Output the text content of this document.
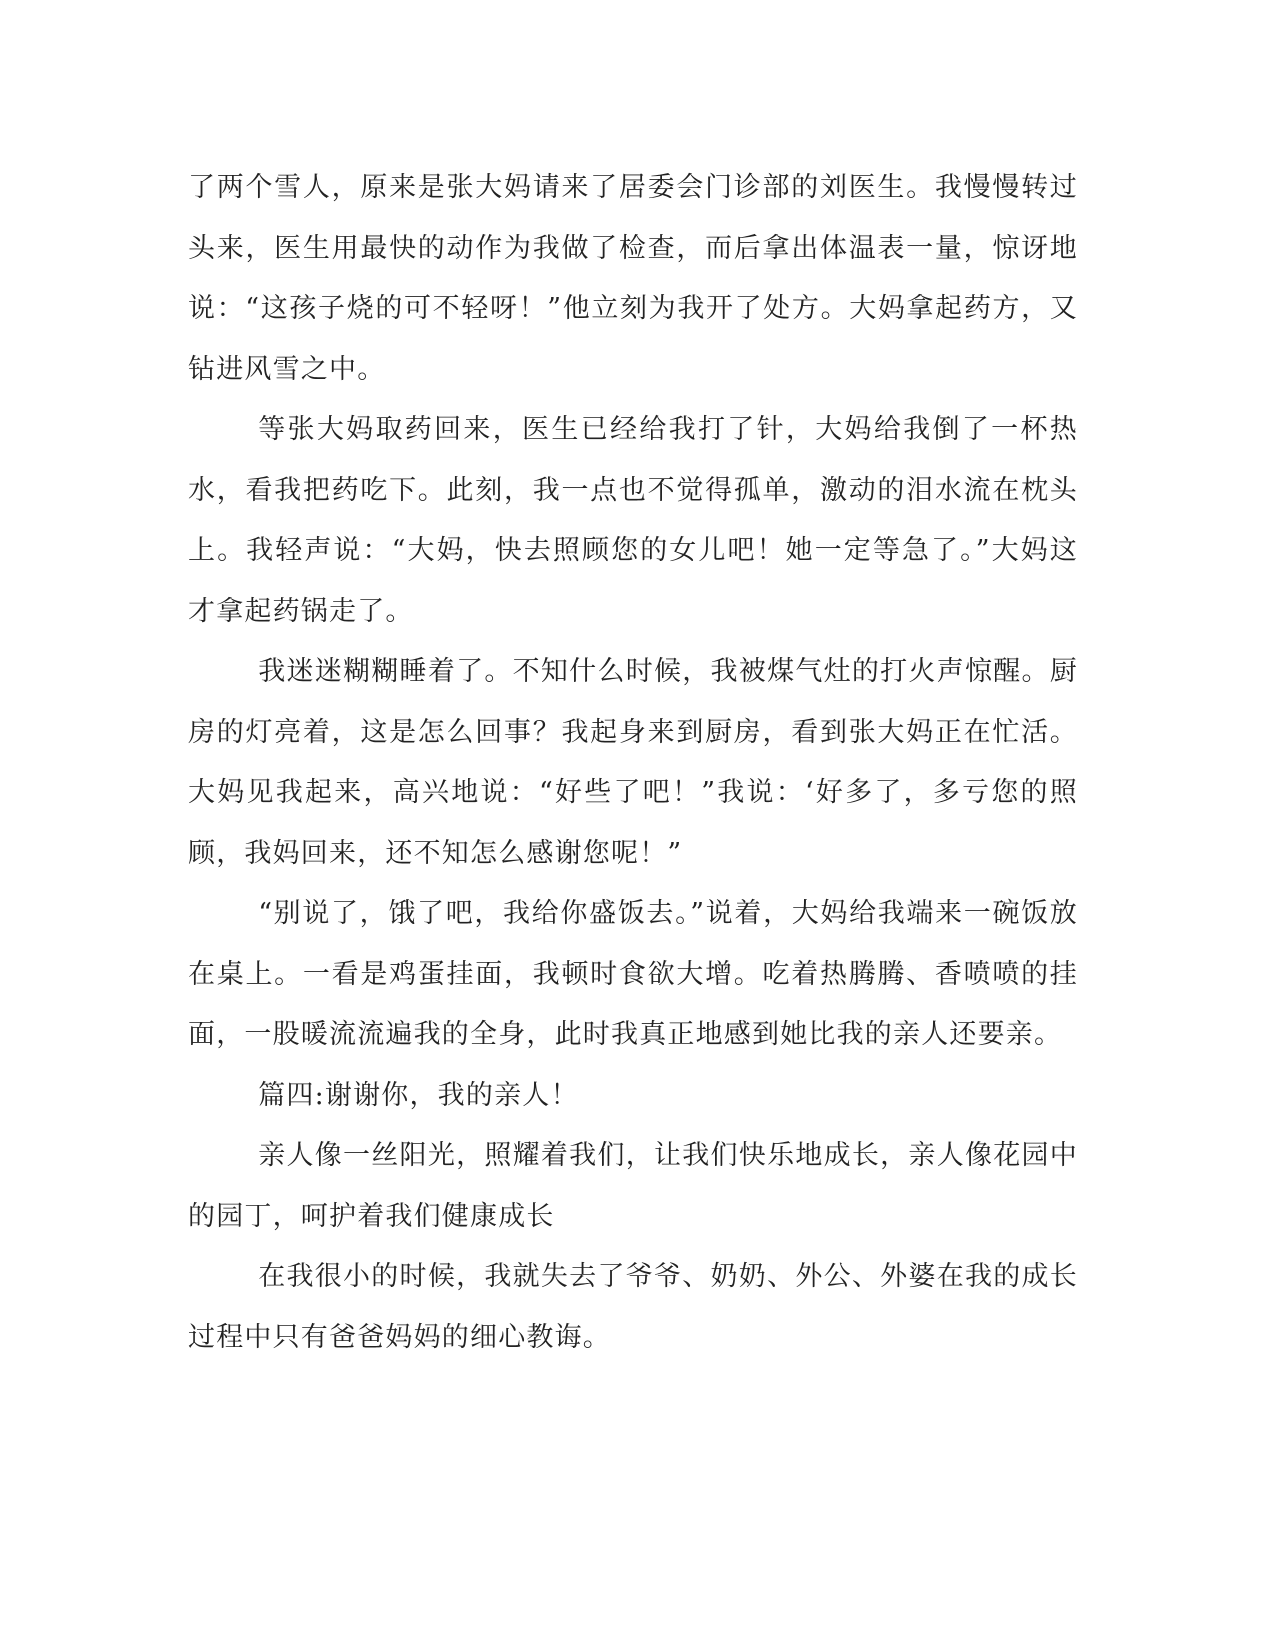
了两个雪人，原来是张大妈请来了居委会门诊部的刘医生。我慢慢转过头来，医生用最快的动作为我做了检查，而后拿出体温表一量，惊讶地说：“这孩子烧的可不轻呀！”他立刻为我开了处方。大妈拿起药方，又钻进风雪之中。

等张大妈取药回来，医生已经给我打了针，大妈给我倒了一杯热水，看我把药吃下。此刻，我一点也不觉得孤单，激动的泪水流在枕头上。我轻声说：“大妈，快去照顾您的女儿吧！她一定等急了。”大妈这才拿起药锅走了。

我迷迷糊糊睡着了。不知什么时候，我被煤气灶的打火声惊醒。厨房的灯亮着，这是怎么回事？我起身来到厨房，看到张大妈正在忙活。大妈见我起来，高兴地说：“好些了吧！”我说：‘好多了，多亏您的照顾，我妈回来，还不知怎么感谢您呢！”

“别说了，饿了吧，我给你盛饭去。”说着，大妈给我端来一碗饭放在桌上。一看是鸡蛋挂面，我顿时食欲大增。吃着热腾腾、香喷喷的挂面，一股暖流流遍我的全身，此时我真正地感到她比我的亲人还要亲。

篇四:谢谢你，我的亲人！

亲人像一丝阳光，照耀着我们，让我们快乐地成长，亲人像花园中的园丁，呵护着我们健康成长

在我很小的时候，我就失去了爷爷、奶奶、外公、外婆在我的成长过程中只有爸爸妈妈的细心教诲。
